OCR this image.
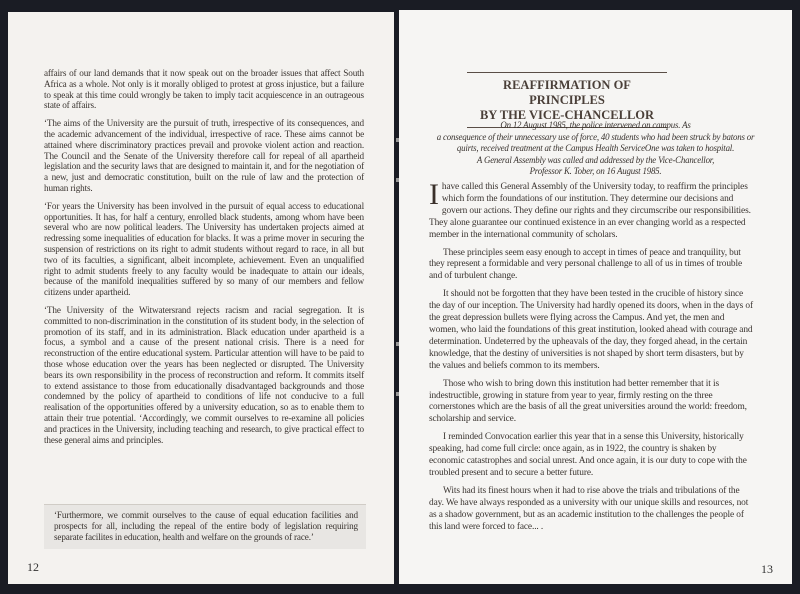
affairs of our land demands that it now speak out on the broader issues that affect South Africa as a whole. Not only is it morally obliged to protest at gross injustice, but a failure to speak at this time could wrongly be taken to imply tacit acquiescence in an outrageous state of affairs.

‘The aims of the University are the pursuit of truth, irrespective of its consequences, and the academic advancement of the individual, irrespective of race. These aims cannot be attained where discriminatory practices prevail and provoke violent action and reaction. The Council and the Senate of the University therefore call for repeal of all apartheid legislation and the security laws that are designed to maintain it, and for the negotiation of a new, just and democratic constitution, built on the rule of law and the protection of human rights.

‘For years the University has been involved in the pursuit of equal access to educational opportunities. It has, for half a century, enrolled black students, among whom have been several who are now political leaders. The University has undertaken projects aimed at redressing some inequalities of education for blacks. It was a prime mover in securing the suspension of restrictions on its right to admit students without regard to race, in all but two of its faculties, a significant, albeit incomplete, achievement. Even an unqualified right to admit students freely to any faculty would be inadequate to attain our ideals, because of the manifold inequalities suffered by so many of our members and fellow citizens under apartheid.

‘The University of the Witwatersrand rejects racism and racial segregation. It is committed to non-discrimination in the constitution of its student body, in the selection of promotion of its staff, and in its administration. Black education under apartheid is a focus, a symbol and a cause of the present national crisis. There is a need for reconstruction of the entire educational system. Particular attention will have to be paid to those whose education over the years has been neglected or disrupted. The University bears its own responsibility in the process of reconstruction and reform. It commits itself to extend assistance to those from educationally disadvantaged backgrounds and those condemned by the policy of apartheid to conditions of life not conducive to a full realisation of the opportunities offered by a university education, so as to enable them to attain their true potential. ‘Accordingly, we commit ourselves to re-examine all policies and practices in the University, including teaching and research, to give practical effect to these general aims and principles.

‘Furthermore, we commit ourselves to the cause of equal education facilities and prospects for all, including the repeal of the entire body of legislation requiring separate facilites in education, health and welfare on the grounds of race.’

12
REAFFIRMATION OF PRINCIPLES
BY THE VICE-CHANCELLOR
On 12 August 1985, the police intervened on campus. As
a consequence of their unnecessary use of force, 40 students who had been struck by batons or
quirts, received treatment at the Campus Health ServiceOne was taken to hospital.
A General Assembly was called and addressed by the Vice-Chancellor,
Professor K. Tober, on 16 August 1985.

Ihave called this General Assembly of the University today, to reaffirm the principles which form the foundations of our institution. They determine our decisions and govern our actions. They define our rights and they circumscribe our responsibilities. They alone guarantee our continued existence in an ever changing world as a respected member in the international community of scholars.

These principles seem easy enough to accept in times of peace and tranquility, but they represent a formidable and very personal challenge to all of us in times of trouble and of turbulent change.

It should not be forgotten that they have been tested in the crucible of history since the day of our inception. The University had hardly opened its doors, when in the days of the great depression bullets were flying across the Campus. And yet, the men and women, who laid the foundations of this great institution, looked ahead with courage and determination. Undeterred by the upheavals of the day, they forged ahead, in the certain knowledge, that the destiny of universities is not shaped by short term disasters, but by the values and beliefs common to its members.

Those who wish to bring down this institution had better remember that it is indestructible, growing in stature from year to year, firmly resting on the three cornerstones which are the basis of all the great universities around the world: freedom, scholarship and service.

I reminded Convocation earlier this year that in a sense this University, historically speaking, had come full circle: once again, as in 1922, the country is shaken by economic catastrophes and social unrest. And once again, it is our duty to cope with the troubled present and to secure a better future.

Wits had its finest hours when it had to rise above the trials and tribulations of the day. We have always responded as a university with our unique skills and resources, not as a shadow government, but as an academic institution to the challenges the people of this land were forced to face... .

13
